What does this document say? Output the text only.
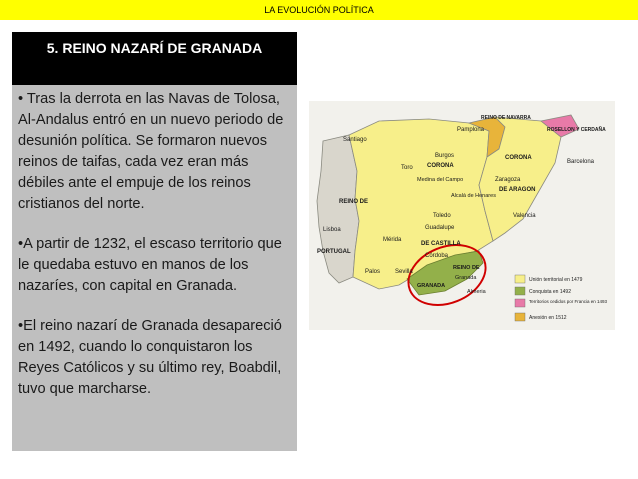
LA EVOLUCIÓN POLÍTICA
5. REINO NAZARÍ DE GRANADA

• Tras la derrota en las Navas de Tolosa, Al-Andalus entró en un nuevo periodo de desunión política. Se formaron nuevos reinos de taifas, cada vez eran más débiles ante el empuje de los reinos cristianos del norte.

•A partir de 1232, el escaso territorio que le quedaba estuvo en manos de los nazaríes, con capital en Granada.

•El reino nazarí de Granada desapareció en 1492, cuando lo conquistaron los Reyes Católicos y su último rey, Boabdil, tuvo que marcharse.

Santiago
Pamplona
Burgos
REINO DE NAVARRA
CORONA
DE ARAGON
ROSELLON Y CERDAÑA
Barcelona
Zaragoza
Toro CORONA
Medina del Campo
Alcalá de Henares
Toledo
Guadalupe
Valencia
REINO DE
Lisboa
PORTUGAL
Mérida
DE CASTILLA
Córdoba
Palos Sevilla
REINO DE
Granada
GRANADA
Almeria
Unión territorial en 1479
Conquista en 1492
Territorios cedidos por Francia en 1493
Anexión en 1512
